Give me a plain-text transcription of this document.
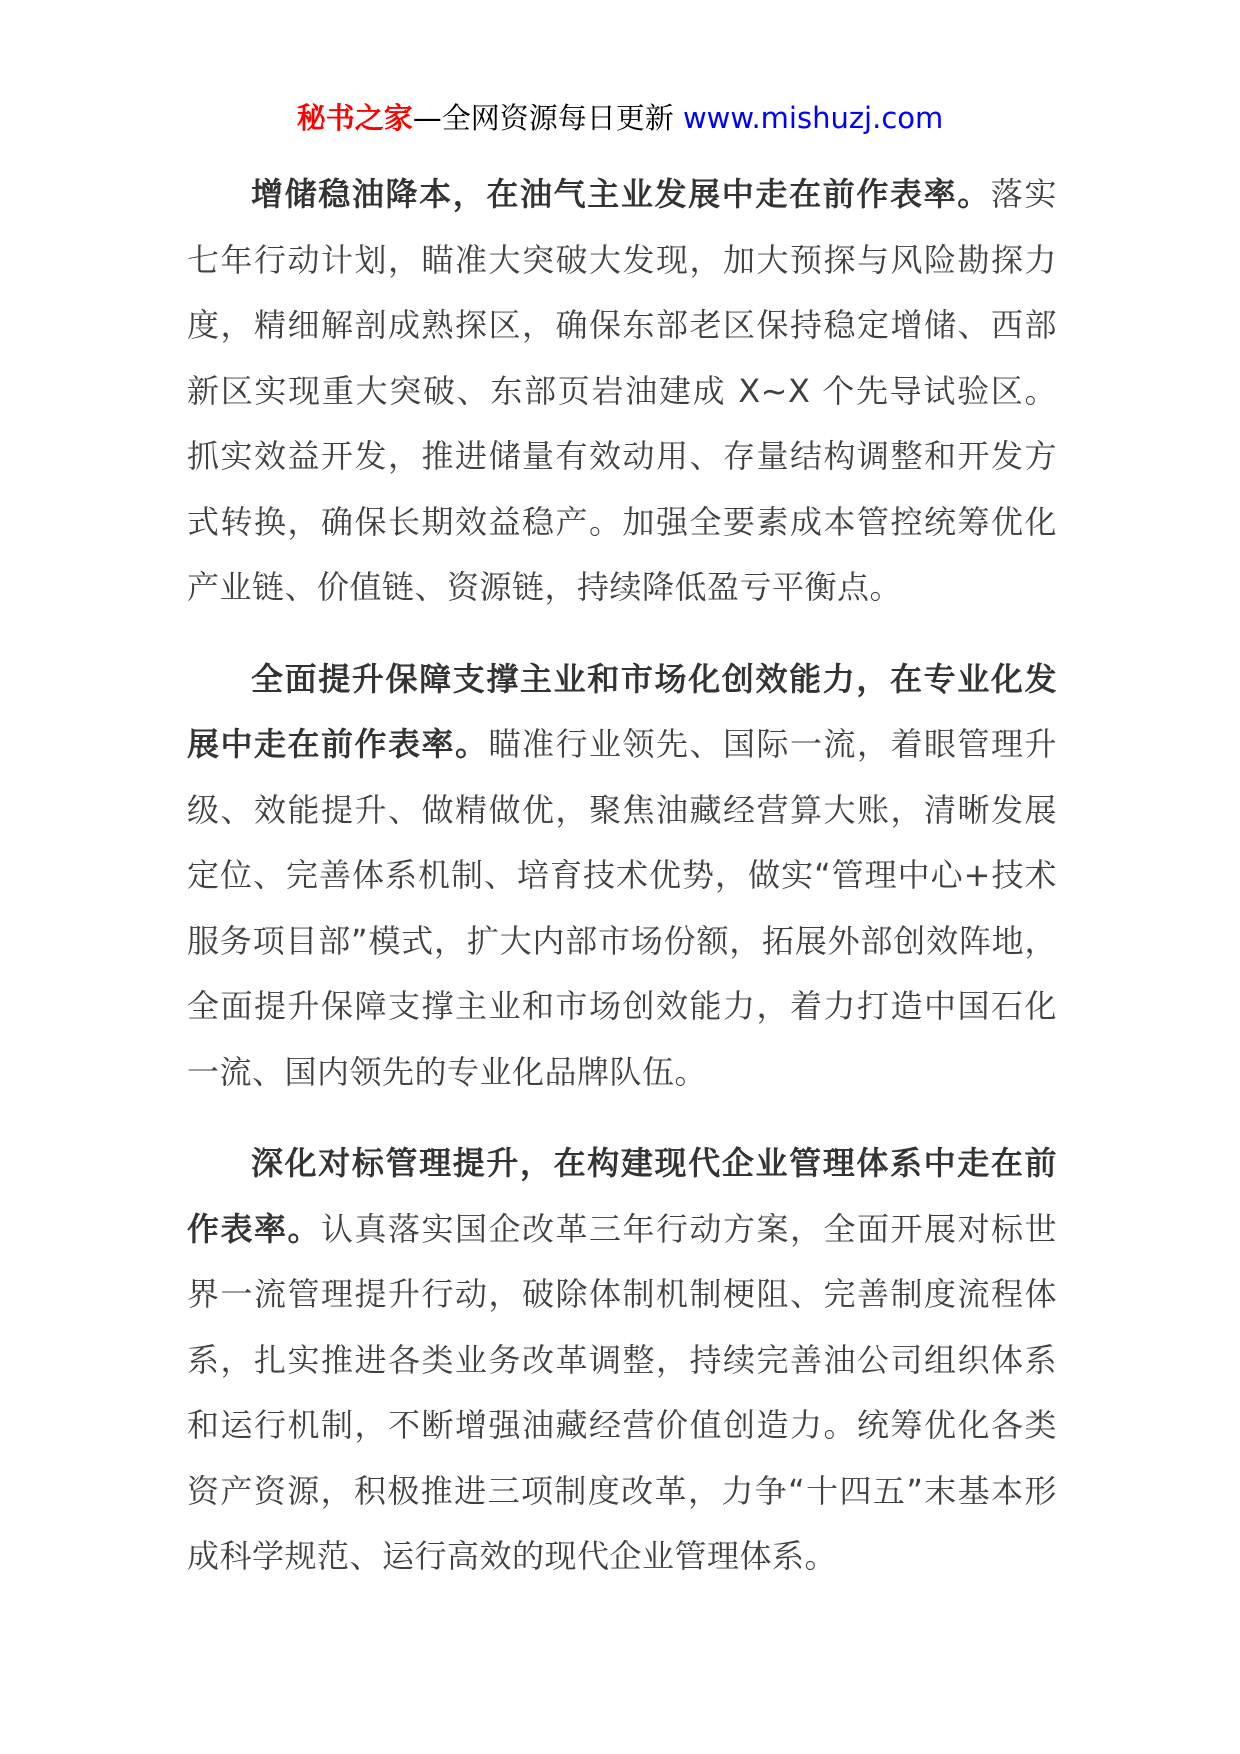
秘书之家—全网资源每日更新 www.mishuzj.com

增储稳油降本，在油气主业发展中走在前作表率。落实七年行动计划，瞄准大突破大发现，加大预探与风险勘探力度，精细解剖成熟探区，确保东部老区保持稳定增储、西部新区实现重大突破、东部页岩油建成 X~X 个先导试验区。抓实效益开发，推进储量有效动用、存量结构调整和开发方式转换，确保长期效益稳产。加强全要素成本管控统筹优化产业链、价值链、资源链，持续降低盈亏平衡点。

全面提升保障支撑主业和市场化创效能力，在专业化发展中走在前作表率。瞄准行业领先、国际一流，着眼管理升级、效能提升、做精做优，聚焦油藏经营算大账，清晰发展定位、完善体系机制、培育技术优势，做实“管理中心+技术服务项目部”模式，扩大内部市场份额，拓展外部创效阵地，全面提升保障支撑主业和市场创效能力，着力打造中国石化一流、国内领先的专业化品牌队伍。

深化对标管理提升，在构建现代企业管理体系中走在前作表率。认真落实国企改革三年行动方案，全面开展对标世界一流管理提升行动，破除体制机制梗阻、完善制度流程体系，扎实推进各类业务改革调整，持续完善油公司组织体系和运行机制，不断增强油藏经营价值创造力。统筹优化各类资产资源，积极推进三项制度改革，力争“十四五”末基本形成科学规范、运行高效的现代企业管理体系。
